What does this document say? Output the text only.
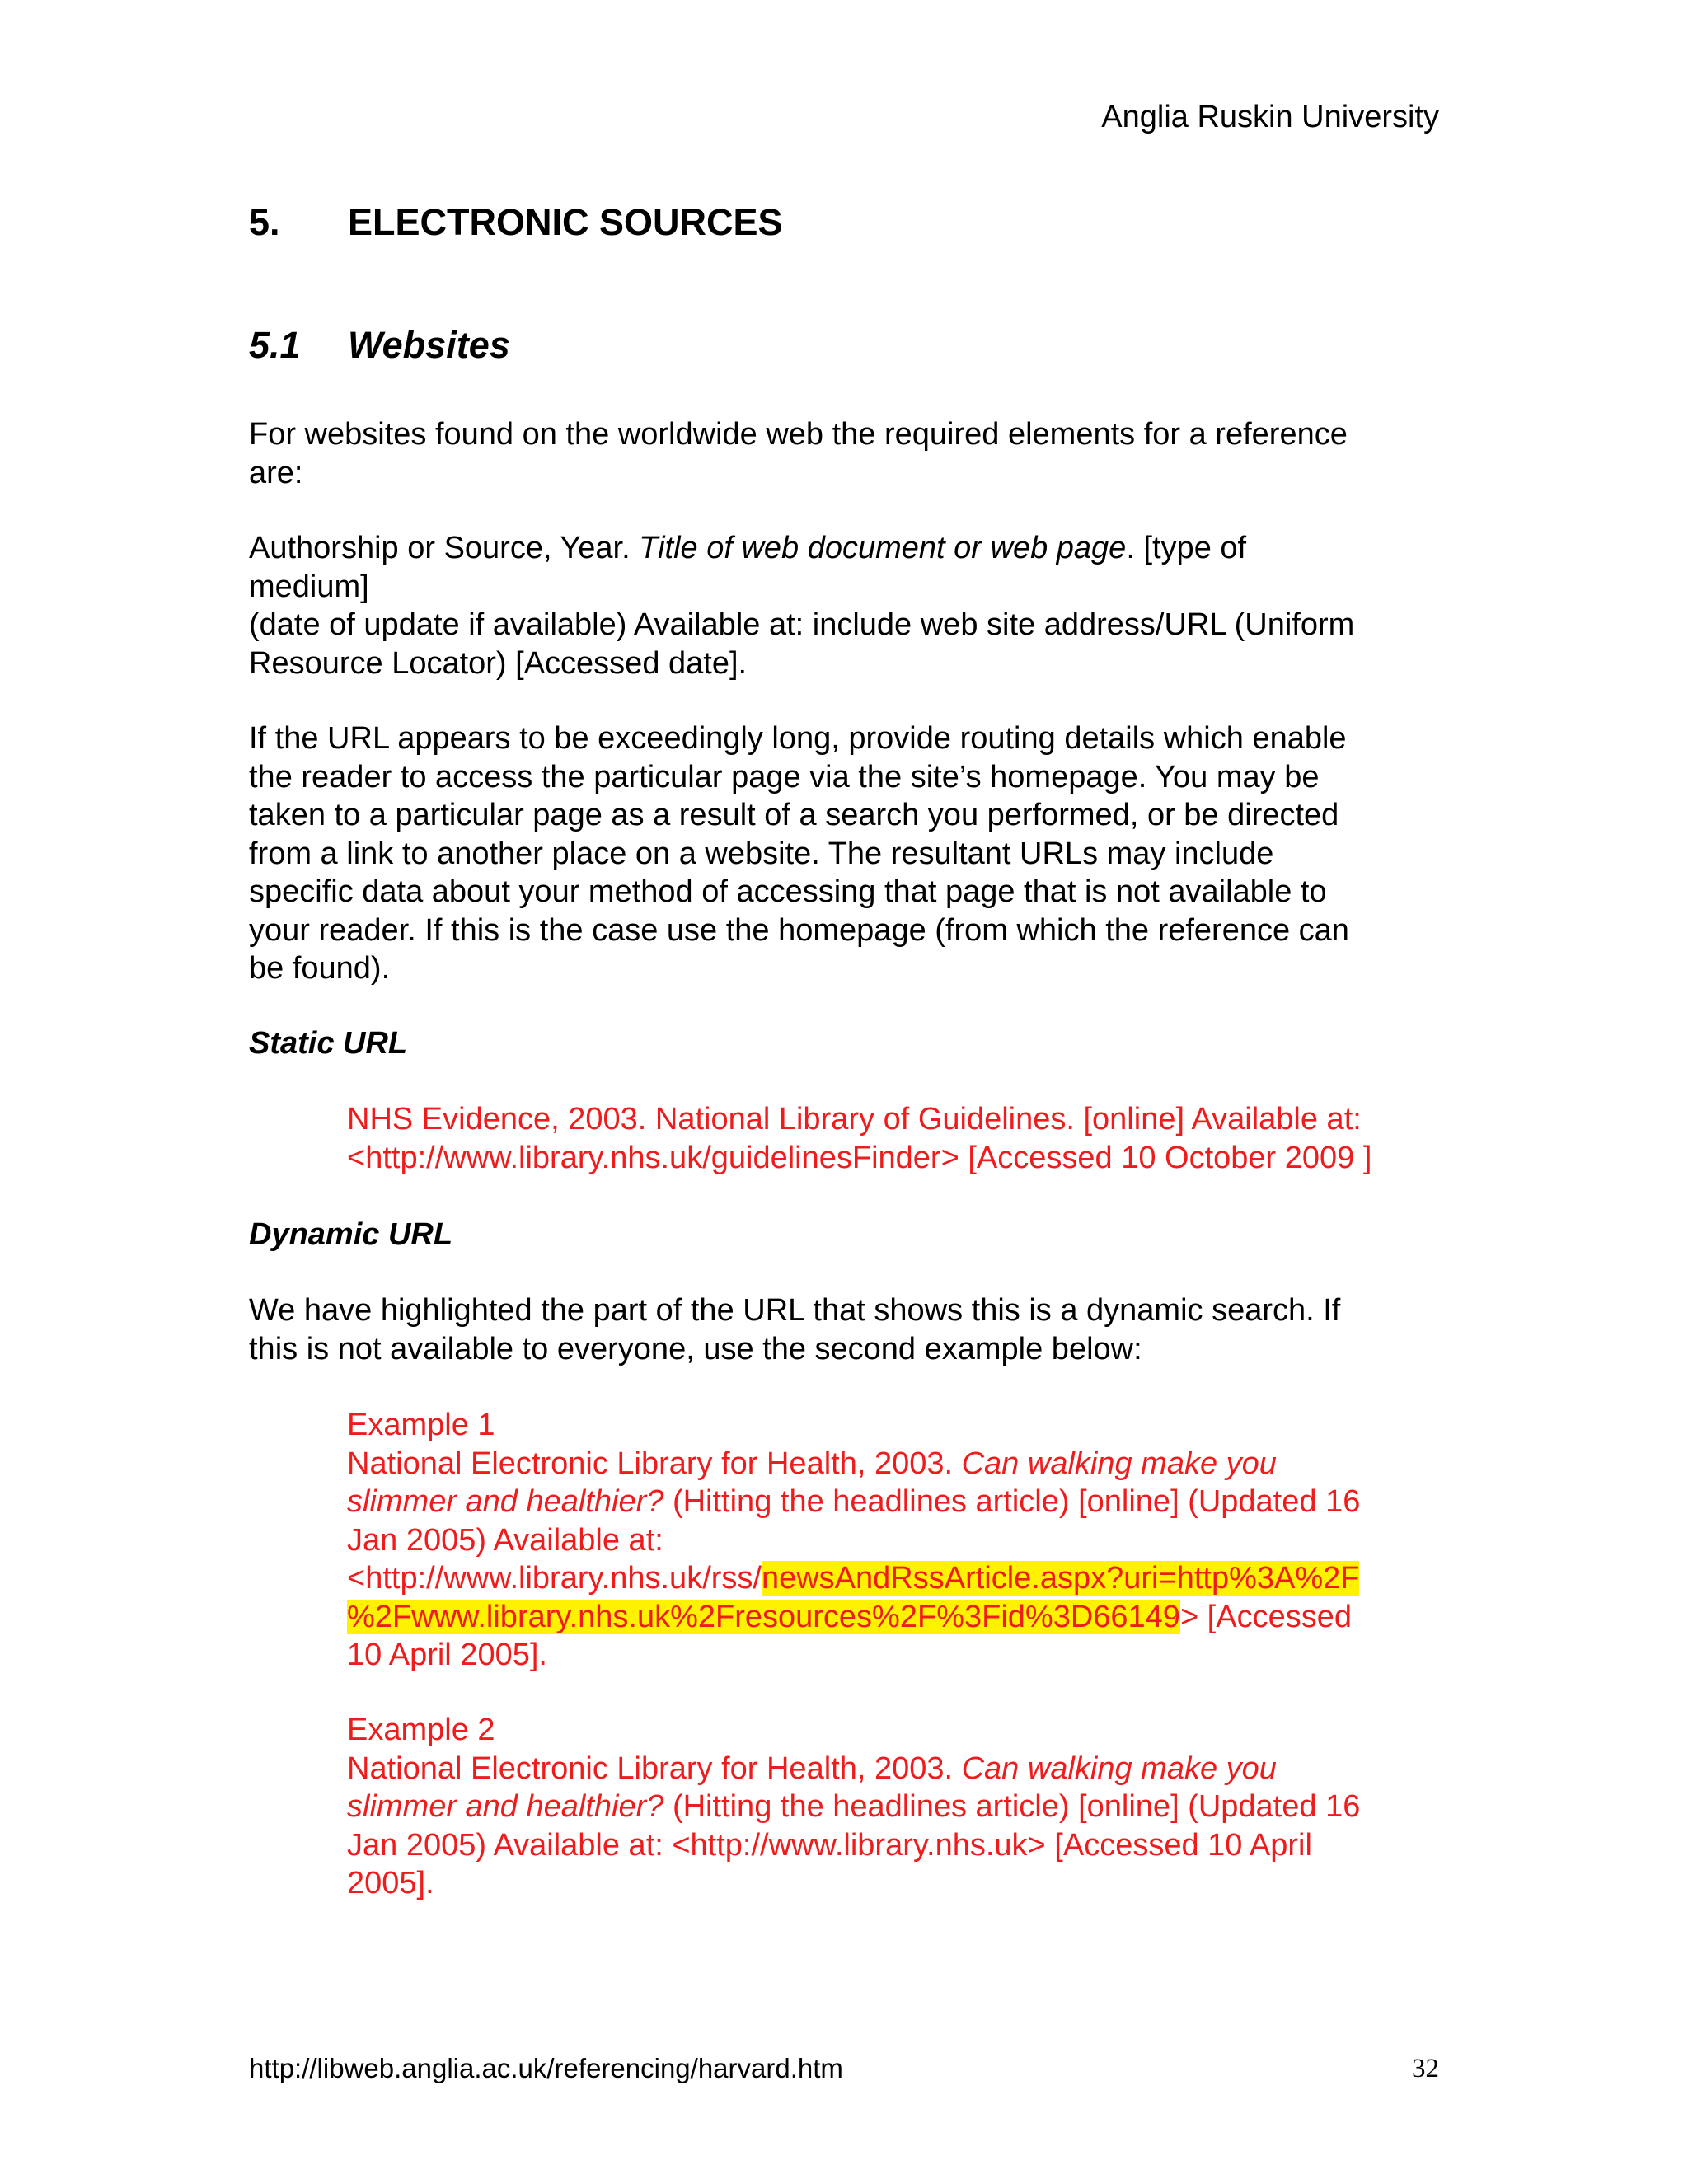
Anglia Ruskin University
5. ELECTRONIC SOURCES
5.1 Websites
For websites found on the worldwide web the required elements for a reference
are:
Authorship or Source, Year. Title of web document or web page. [type of
medium]
(date of update if available) Available at: include web site address/URL (Uniform
Resource Locator) [Accessed date].
If the URL appears to be exceedingly long, provide routing details which enable
the reader to access the particular page via the site’s homepage. You may be
taken to a particular page as a result of a search you performed, or be directed
from a link to another place on a website. The resultant URLs may include
specific data about your method of accessing that page that is not available to
your reader. If this is the case use the homepage (from which the reference can
be found).
Static URL
NHS Evidence, 2003. National Library of Guidelines. [online] Available at:
<http://www.library.nhs.uk/guidelinesFinder> [Accessed 10 October 2009 ]
Dynamic URL
We have highlighted the part of the URL that shows this is a dynamic search. If
this is not available to everyone, use the second example below:
Example 1
National Electronic Library for Health, 2003. Can walking make you
slimmer and healthier? (Hitting the headlines article) [online] (Updated 16
Jan 2005) Available at:
<http://www.library.nhs.uk/rss/newsAndRssArticle.aspx?uri=http%3A%2F
%2Fwww.library.nhs.uk%2Fresources%2F%3Fid%3D66149> [Accessed
10 April 2005].
Example 2
National Electronic Library for Health, 2003. Can walking make you
slimmer and healthier? (Hitting the headlines article) [online] (Updated 16
Jan 2005) Available at: <http://www.library.nhs.uk> [Accessed 10 April
2005].
http://libweb.anglia.ac.uk/referencing/harvard.htm	32
